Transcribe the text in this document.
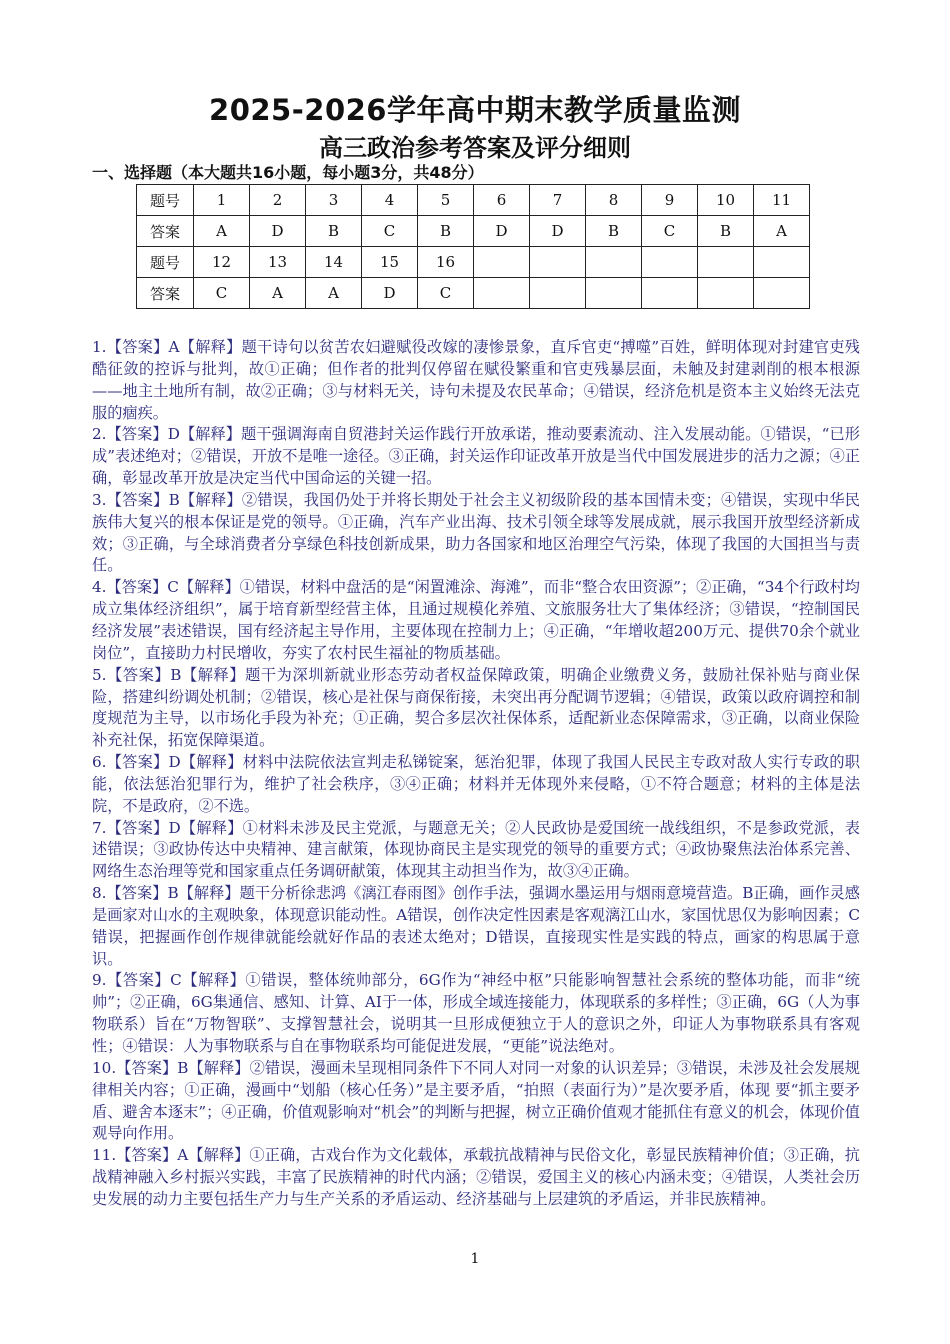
2025-2026学年高中期末教学质量监测
高三政治参考答案及评分细则
一、选择题（本大题共16小题，每小题3分，共48分）
题号	1	2	3	4	5	6	7	8	9	10	11
答案	A	D	B	C	B	D	D	B	C	B	A
题号	12	13	14	15	16						
答案	C	A	A	D	C						

1.【答案】A【解释】题干诗句以贫苦农妇避赋役改嫁的凄惨景象，直斥官吏“搏噬”百姓，鲜明体现对封建官吏残酷征敛的控诉与批判，故①正确；但作者的批判仅停留在赋役繁重和官吏残暴层面，未触及封建剥削的根本根源——地主土地所有制，故②正确；③与材料无关，诗句未提及农民革命；④错误，经济危机是资本主义始终无法克服的痼疾。

2.【答案】D【解释】题干强调海南自贸港封关运作践行开放承诺，推动要素流动、注入发展动能。①错误，“已形成”表述绝对；②错误，开放不是唯一途径。③正确，封关运作印证改革开放是当代中国发展进步的活力之源；④正确，彰显改革开放是决定当代中国命运的关键一招。

3.【答案】B【解释】②错误，我国仍处于并将长期处于社会主义初级阶段的基本国情未变；④错误，实现中华民族伟大复兴的根本保证是党的领导。①正确，汽车产业出海、技术引领全球等发展成就，展示我国开放型经济新成效；③正确，与全球消费者分享绿色科技创新成果，助力各国家和地区治理空气污染，体现了我国的大国担当与责任。

4.【答案】C【解释】①错误，材料中盘活的是“闲置滩涂、海滩”，而非“整合农田资源”；②正确，“34个行政村均成立集体经济组织”，属于培育新型经营主体，且通过规模化养殖、文旅服务壮大了集体经济；③错误，“控制国民经济发展”表述错误，国有经济起主导作用，主要体现在控制力上；④正确，“年增收超200万元、提供70余个就业岗位”，直接助力村民增收，夯实了农村民生福祉的物质基础。

5.【答案】B【解释】题干为深圳新就业形态劳动者权益保障政策，明确企业缴费义务，鼓励社保补贴与商业保险，搭建纠纷调处机制；②错误，核心是社保与商保衔接，未突出再分配调节逻辑；④错误，政策以政府调控和制度规范为主导，以市场化手段为补充；①正确，契合多层次社保体系，适配新业态保障需求，③正确，以商业保险补充社保，拓宽保障渠道。

6.【答案】D【解释】材料中法院依法宣判走私锑锭案，惩治犯罪，体现了我国人民民主专政对敌人实行专政的职能，依法惩治犯罪行为，维护了社会秩序，③④正确；材料并无体现外来侵略，①不符合题意；材料的主体是法院，不是政府，②不选。

7.【答案】D【解释】①材料未涉及民主党派，与题意无关；②人民政协是爱国统一战线组织，不是参政党派，表述错误；③政协传达中央精神、建言献策，体现协商民主是实现党的领导的重要方式；④政协聚焦法治体系完善、网络生态治理等党和国家重点任务调研献策，体现其主动担当作为，故③④正确。

8.【答案】B【解释】题干分析徐悲鸿《漓江春雨图》创作手法，强调水墨运用与烟雨意境营造。B正确，画作灵感是画家对山水的主观映象，体现意识能动性。A错误，创作决定性因素是客观漓江山水，家国忧思仅为影响因素；C错误，把握画作创作规律就能绘就好作品的表述太绝对；D错误，直接现实性是实践的特点，画家的构思属于意识。

9.【答案】C【解释】①错误，整体统帅部分，6G作为“神经中枢”只能影响智慧社会系统的整体功能，而非“统帅”；②正确，6G集通信、感知、计算、AI于一体，形成全域连接能力，体现联系的多样性；③正确，6G（人为事物联系）旨在“万物智联”、支撑智慧社会，说明其一旦形成便独立于人的意识之外，印证人为事物联系具有客观性；④错误：人为事物联系与自在事物联系均可能促进发展，“更能”说法绝对。

10.【答案】B【解释】②错误，漫画未呈现相同条件下不同人对同一对象的认识差异；③错误，未涉及社会发展规律相关内容；①正确，漫画中“划船（核心任务）”是主要矛盾，“拍照（表面行为）”是次要矛盾，体现 要“抓主要矛盾、避舍本逐末”；④正确，价值观影响对“机会”的判断与把握，树立正确价值观才能抓住有意义的机会，体现价值观导向作用。

11.【答案】A【解释】①正确，古戏台作为文化载体，承载抗战精神与民俗文化，彰显民族精神价值；③正确，抗战精神融入乡村振兴实践，丰富了民族精神的时代内涵；②错误，爱国主义的核心内涵未变；④错误，人类社会历史发展的动力主要包括生产力与生产关系的矛盾运动、经济基础与上层建筑的矛盾运，并非民族精神。

1
